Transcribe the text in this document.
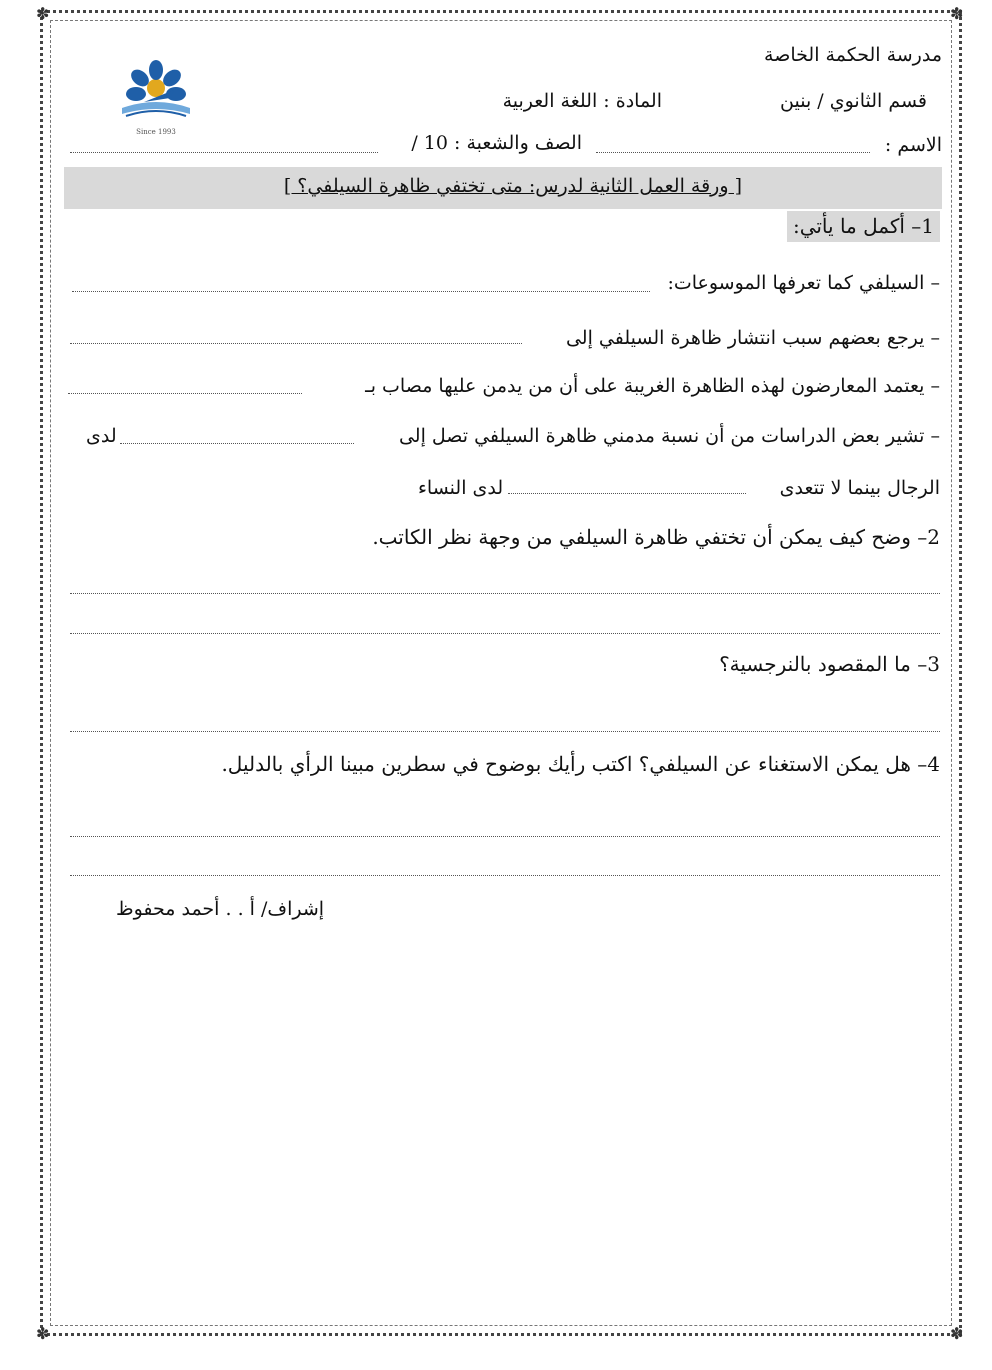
✽	✽
✽	✽
Since 1993
مدرسة الحكمة الخاصة
قسم الثانوي / بنين
المادة : اللغة العربية
الاسم :
الصف والشعبة : 10 /
[ ورقة العمل الثانية لدرس: متى تختفي ظاهرة السيلفي؟ ]
1– أكمل ما يأتي:
– السيلفي كما تعرفها الموسوعات:
– يرجع بعضهم سبب انتشار ظاهرة السيلفي إلى
– يعتمد المعارضون لهذه الظاهرة الغريبة على أن من يدمن عليها مصاب بـ
– تشير بعض الدراسات من أن نسبة مدمني ظاهرة السيلفي تصل إلى
لدى
الرجال بينما لا تتعدى
لدى النساء
2– وضح كيف يمكن أن تختفي ظاهرة السيلفي من وجهة نظر الكاتب.
3– ما المقصود بالنرجسية؟
4– هل يمكن الاستغناء عن السيلفي؟ اكتب رأيك بوضوح في سطرين مبينا الرأي بالدليل.
إشراف/ أ . . أحمد محفوظ
